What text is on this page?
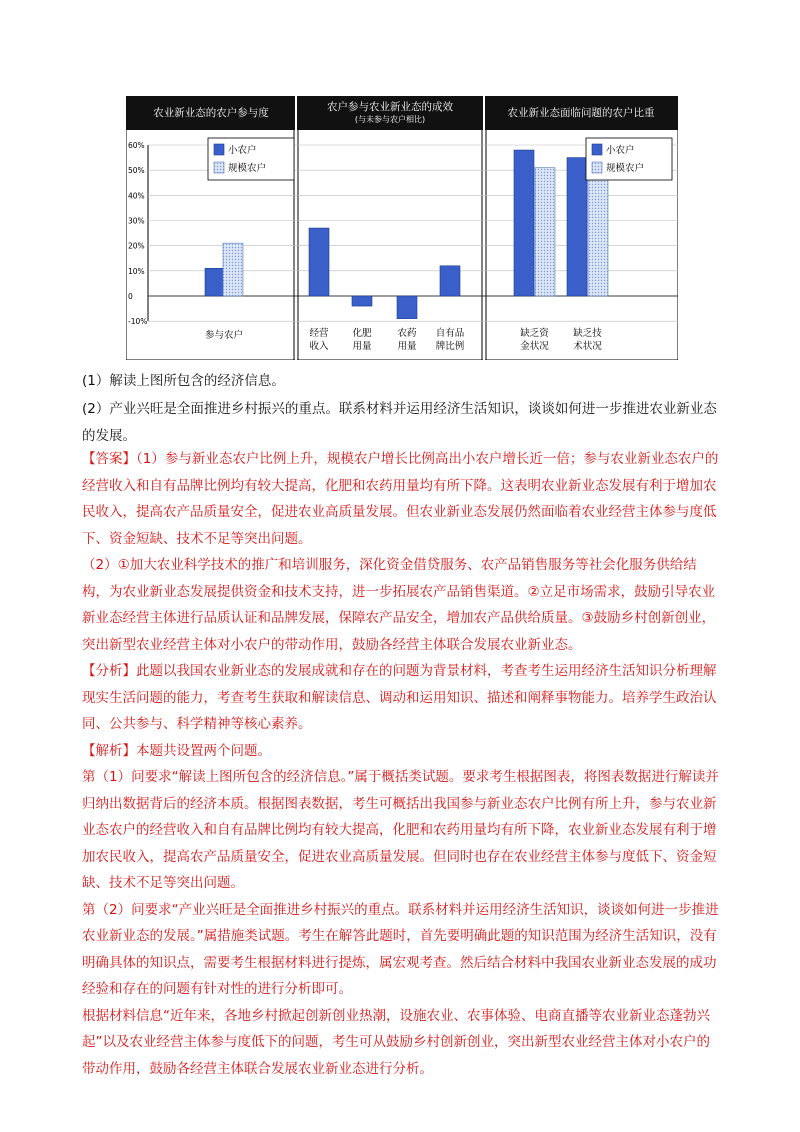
农业新业态的农户参与度	农户参与农业新业态的成效
(与未参与农户相比)
农业新业态面临问题的农户比重
60%
50%
40%
30%
20%
10%
0
-10%
参与农户	经营
收入
化肥
用量
农药
用量
自有品
牌比例
缺乏资
金状况
缺乏技
术状况
小农户
规模农户
小农户
规模农户
(1）解读上图所包含的经济信息。

(2）产业兴旺是全面推进乡村振兴的重点。联系材料并运用经济生活知识，谈谈如何进一步推进农业新业态的发展。

【答案】（1）参与新业态农户比例上升，规模农户增长比例高出小农户增长近一倍；参与农业新业态农户的经营收入和自有品牌比例均有较大提高，化肥和农药用量均有所下降。这表明农业新业态发展有利于增加农民收入，提高农产品质量安全，促进农业高质量发展。但农业新业态发展仍然面临着农业经营主体参与度低下、资金短缺、技术不足等突出问题。

（2）①加大农业科学技术的推广和培训服务，深化资金借贷服务、农产品销售服务等社会化服务供给结构，为农业新业态发展提供资金和技术支持，进一步拓展农产品销售渠道。②立足市场需求，鼓励引导农业新业态经营主体进行品质认证和品牌发展，保障农产品安全，增加农产品供给质量。③鼓励乡村创新创业，突出新型农业经营主体对小农户的带动作用，鼓励各经营主体联合发展农业新业态。

【分析】此题以我国农业新业态的发展成就和存在的问题为背景材料，考查考生运用经济生活知识分析理解现实生活问题的能力，考查考生获取和解读信息、调动和运用知识、描述和阐释事物能力。培养学生政治认同、公共参与、科学精神等核心素养。

【解析】本题共设置两个问题。

第（1）问要求“解读上图所包含的经济信息。”属于概括类试题。要求考生根据图表，将图表数据进行解读并归纳出数据背后的经济本质。根据图表数据，考生可概括出我国参与新业态农户比例有所上升，参与农业新业态农户的经营收入和自有品牌比例均有较大提高，化肥和农药用量均有所下降，农业新业态发展有利于增加农民收入，提高农产品质量安全，促进农业高质量发展。但同时也存在农业经营主体参与度低下、资金短缺、技术不足等突出问题。

第（2）问要求“产业兴旺是全面推进乡村振兴的重点。联系材料并运用经济生活知识，谈谈如何进一步推进农业新业态的发展。”属措施类试题。考生在解答此题时，首先要明确此题的知识范围为经济生活知识，没有明确具体的知识点，需要考生根据材料进行提炼，属宏观考查。然后结合材料中我国农业新业态发展的成功经验和存在的问题有针对性的进行分析即可。

根据材料信息“近年来，各地乡村掀起创新创业热潮，设施农业、农事体验、电商直播等农业新业态蓬勃兴起”以及农业经营主体参与度低下的问题，考生可从鼓励乡村创新创业，突出新型农业经营主体对小农户的带动作用，鼓励各经营主体联合发展农业新业态进行分析。
